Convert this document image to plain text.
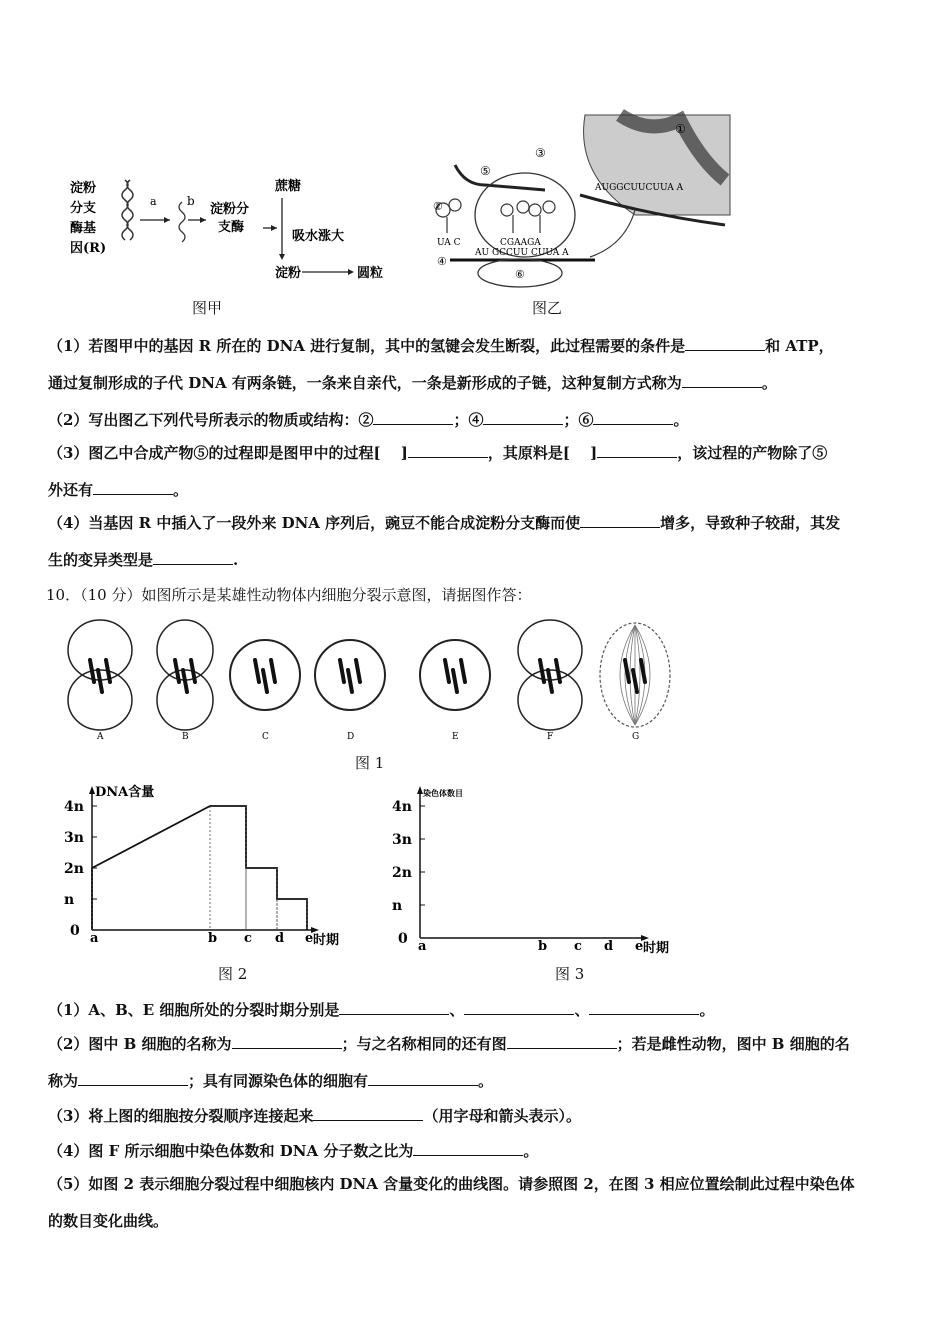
淀粉
分支
酶基
因(R)
a	b
淀粉分
支酶
蔗糖
吸水涨大
淀粉	圆粒
图甲
①
AUGGCUUCUUA A
③
⑤
②
UA C	CGAAGA
AU GCCUU CUUA A
④
⑥
图乙
（1）若图甲中的基因 R 所在的 DNA 进行复制，其中的氢键会发生断裂，此过程需要的条件是	和 ATP，
通过复制形成的子代 DNA 有两条链，一条来自亲代，一条是新形成的子链，这种复制方式称为	。
（2）写出图乙下列代号所表示的物质或结构：②	；④	；⑥	。
（3）图乙中合成产物⑤的过程即是图甲中的过程[　 ]	，其原料是[　 ]	，该过程的产物除了⑤
外还有	。
（4）当基因 R 中插入了一段外来 DNA 序列后，豌豆不能合成淀粉分支酶而使	增多，导致种子较甜，其发
生的变异类型是	.
10．（10 分）如图所示是某雄性动物体内细胞分裂示意图，请据图作答：
A	B	C	D	E	F	G
图 1
DNA含量
时期
0
n
2n
3n
4n
a	b c d e
染色体数目
时期
0
n
2n
3n
4n
a	b c d e
图 2	图 3
（1）A、B、E 细胞所处的分裂时期分别是	、	、	。
（2）图中 B 细胞的名称为	；与之名称相同的还有图	；若是雌性动物，图中 B 细胞的名
称为	；具有同源染色体的细胞有	。
（3）将上图的细胞按分裂顺序连接起来	（用字母和箭头表示）。
（4）图 F 所示细胞中染色体数和 DNA 分子数之比为	。
（5）如图 2 表示细胞分裂过程中细胞核内 DNA 含量变化的曲线图。请参照图 2，在图 3 相应位置绘制此过程中染色体
的数目变化曲线。
